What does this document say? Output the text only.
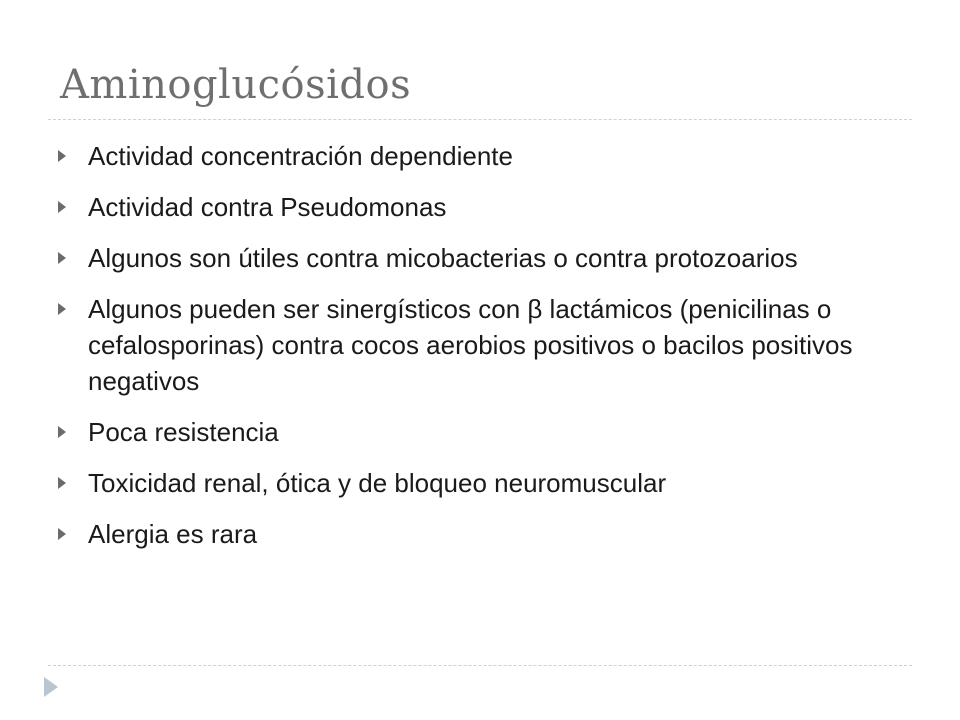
Aminoglucósidos
Actividad concentración dependiente
Actividad contra Pseudomonas
Algunos son útiles contra micobacterias o contra protozoarios
Algunos pueden ser sinergísticos con β lactámicos (penicilinas o cefalosporinas) contra cocos aerobios positivos o bacilos positivos negativos
Poca resistencia
Toxicidad renal, ótica y de bloqueo neuromuscular
Alergia es rara
